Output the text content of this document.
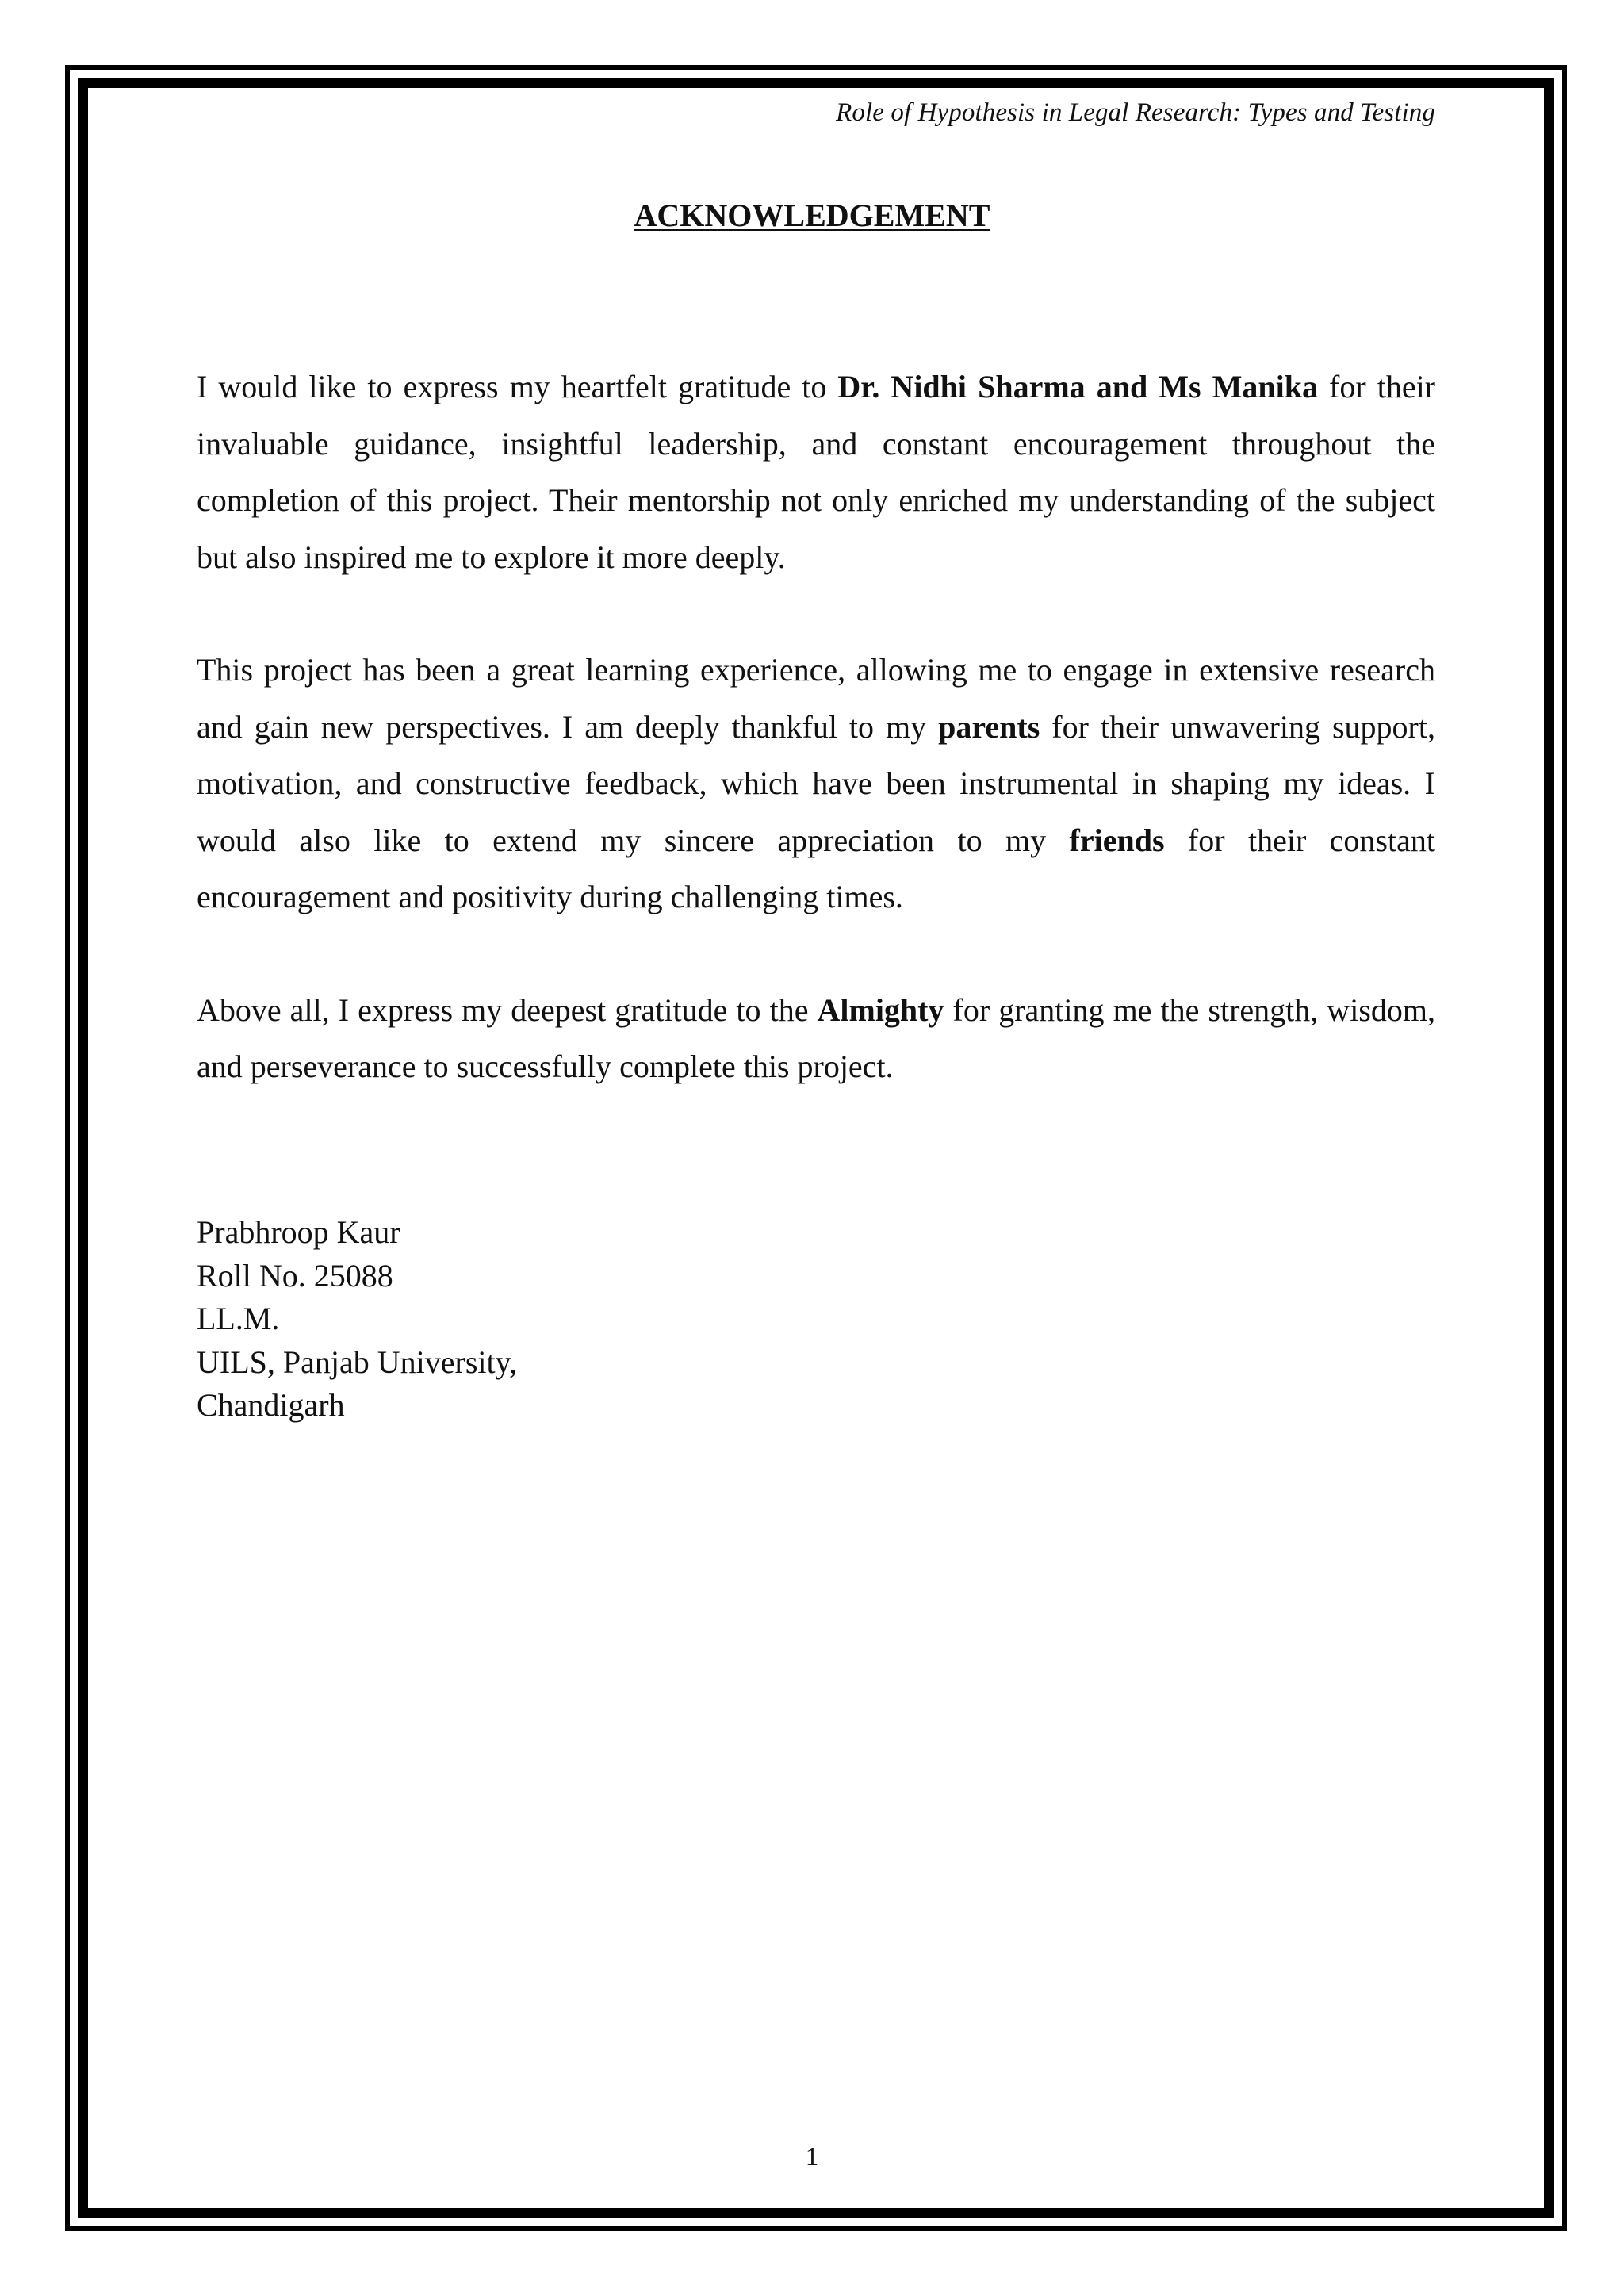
Role of Hypothesis in Legal Research: Types and Testing
ACKNOWLEDGEMENT

I would like to express my heartfelt gratitude to Dr. Nidhi Sharma and Ms Manika for their invaluable guidance, insightful leadership, and constant encouragement throughout the completion of this project. Their mentorship not only enriched my understanding of the subject but also inspired me to explore it more deeply.

This project has been a great learning experience, allowing me to engage in extensive research and gain new perspectives. I am deeply thankful to my parents for their unwavering support, motivation, and constructive feedback, which have been instrumental in shaping my ideas. I would also like to extend my sincere appreciation to my friends for their constant encouragement and positivity during challenging times.

Above all, I express my deepest gratitude to the Almighty for granting me the strength, wisdom, and perseverance to successfully complete this project.

Prabhroop Kaur
Roll No. 25088
LL.M.
UILS, Panjab University,
Chandigarh
1
